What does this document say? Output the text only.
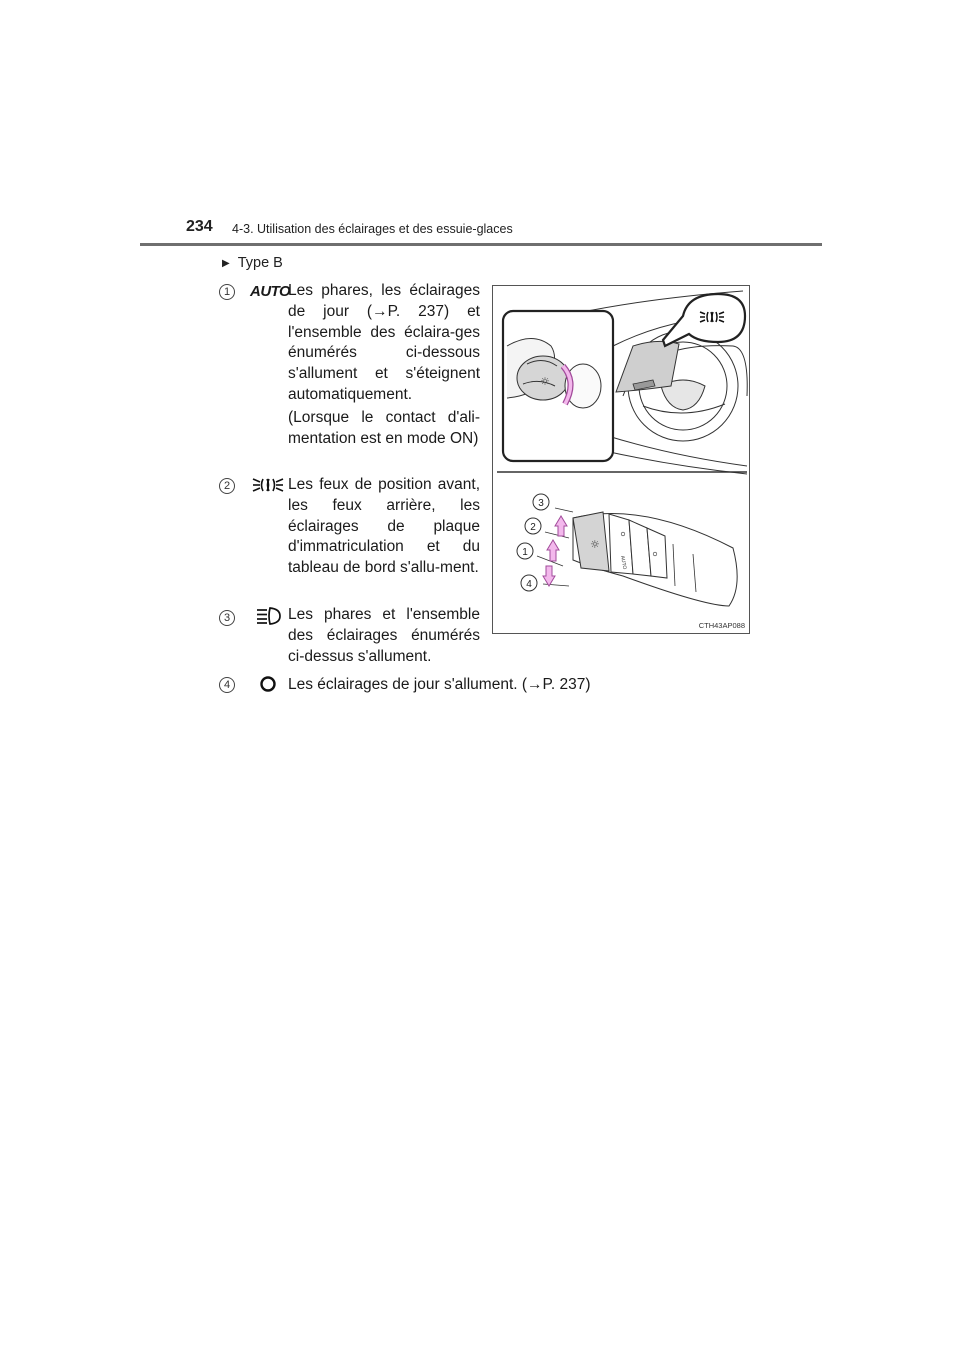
234 4-3. Utilisation des éclairages et des essuie-glaces
▶ Type B
1	AUTO

Les phares, les éclairages de jour (→P. 237) et l'ensemble des éclaira-ges énumérés ci-dessous s'allument et s'éteignent automatiquement.

(Lorsque le contact d'ali-mentation est en mode ON)

2	Les feux de position avant, les feux arrière, les éclairages de plaque d'immatriculation et du tableau de bord s'allu-ment.

3	Les phares et l'ensemble des éclairages énumérés ci-dessus s'allument.

4	Les éclairages de jour s'allument. (→P. 237)

☼
☼
AUTO
3
2
1
4
CTH43AP088
